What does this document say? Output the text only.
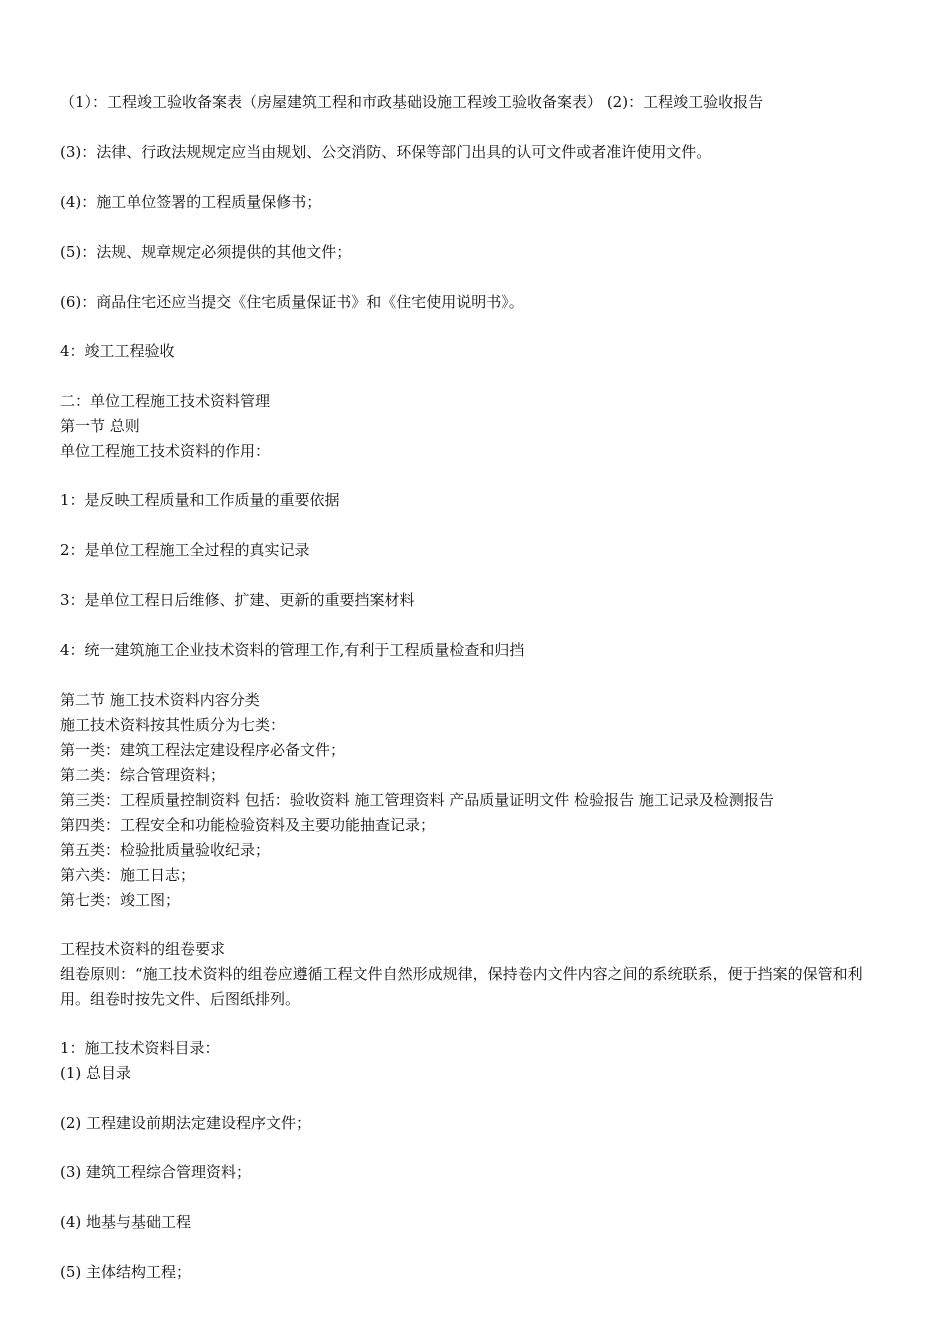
（1）：工程竣工验收备案表（房屋建筑工程和市政基础设施工程竣工验收备案表） (2)：工程竣工验收报告
(3)：法律、行政法规规定应当由规划、公交消防、环保等部门出具的认可文件或者准许使用文件。
(4)：施工单位签署的工程质量保修书；
(5)：法规、规章规定必须提供的其他文件；
(6)：商品住宅还应当提交《住宅质量保证书》和《住宅使用说明书》。
4：竣工工程验收
二：单位工程施工技术资料管理
第一节 总则
单位工程施工技术资料的作用：
1：是反映工程质量和工作质量的重要依据
2：是单位工程施工全过程的真实记录
3：是单位工程日后维修、扩建、更新的重要挡案材料
4：统一建筑施工企业技术资料的管理工作,有利于工程质量检查和归挡
第二节 施工技术资料内容分类
施工技术资料按其性质分为七类：
第一类：建筑工程法定建设程序必备文件；
第二类：综合管理资料；
第三类：工程质量控制资料 包括：验收资料 施工管理资料 产品质量证明文件 检验报告 施工记录及检测报告
第四类：工程安全和功能检验资料及主要功能抽查记录；
第五类：检验批质量验收纪录；
第六类：施工日志；
第七类：竣工图；
工程技术资料的组卷要求
组卷原则：“施工技术资料的组卷应遵循工程文件自然形成规律，保持卷内文件内容之间的系统联系，便于挡案的保管和利用。组卷时按先文件、后图纸排列。
1：施工技术资料目录：
(1) 总目录
(2) 工程建设前期法定建设程序文件；
(3) 建筑工程综合管理资料；
(4) 地基与基础工程
(5) 主体结构工程；
